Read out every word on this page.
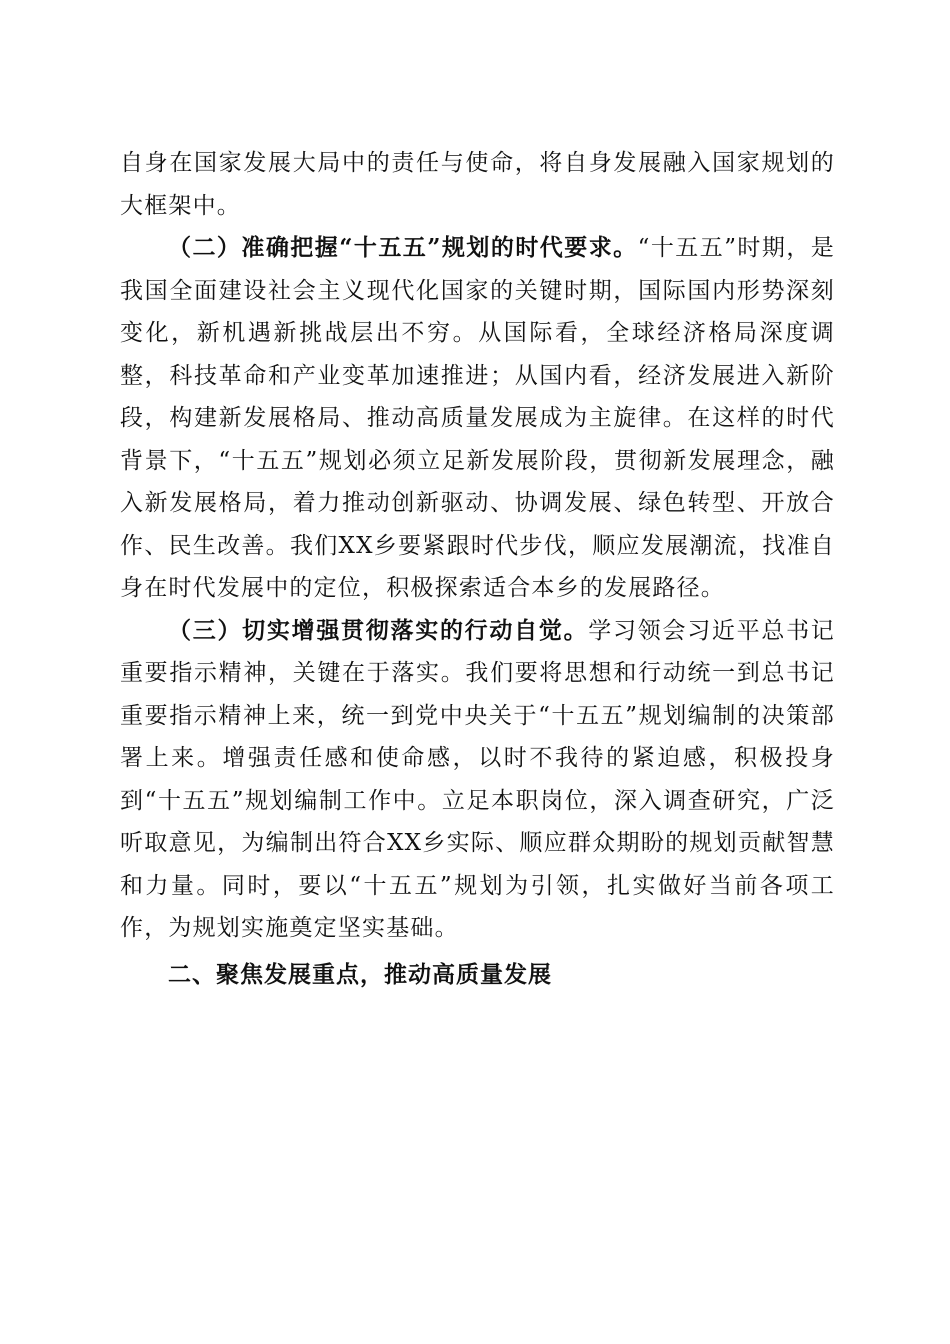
自身在国家发展大局中的责任与使命，将自身发展融入国家规划的大框架中。

（二）准确把握“十五五”规划的时代要求。“十五五”时期，是我国全面建设社会主义现代化国家的关键时期，国际国内形势深刻变化，新机遇新挑战层出不穷。从国际看，全球经济格局深度调整，科技革命和产业变革加速推进；从国内看，经济发展进入新阶段，构建新发展格局、推动高质量发展成为主旋律。在这样的时代背景下，“十五五”规划必须立足新发展阶段，贯彻新发展理念，融入新发展格局，着力推动创新驱动、协调发展、绿色转型、开放合作、民生改善。我们XX乡要紧跟时代步伐，顺应发展潮流，找准自身在时代发展中的定位，积极探索适合本乡的发展路径。

（三）切实增强贯彻落实的行动自觉。学习领会习近平总书记重要指示精神，关键在于落实。我们要将思想和行动统一到总书记重要指示精神上来，统一到党中央关于“十五五”规划编制的决策部署上来。增强责任感和使命感，以时不我待的紧迫感，积极投身到“十五五”规划编制工作中。立足本职岗位，深入调查研究，广泛听取意见，为编制出符合XX乡实际、顺应群众期盼的规划贡献智慧和力量。同时，要以“十五五”规划为引领，扎实做好当前各项工作，为规划实施奠定坚实基础。

二、聚焦发展重点，推动高质量发展
